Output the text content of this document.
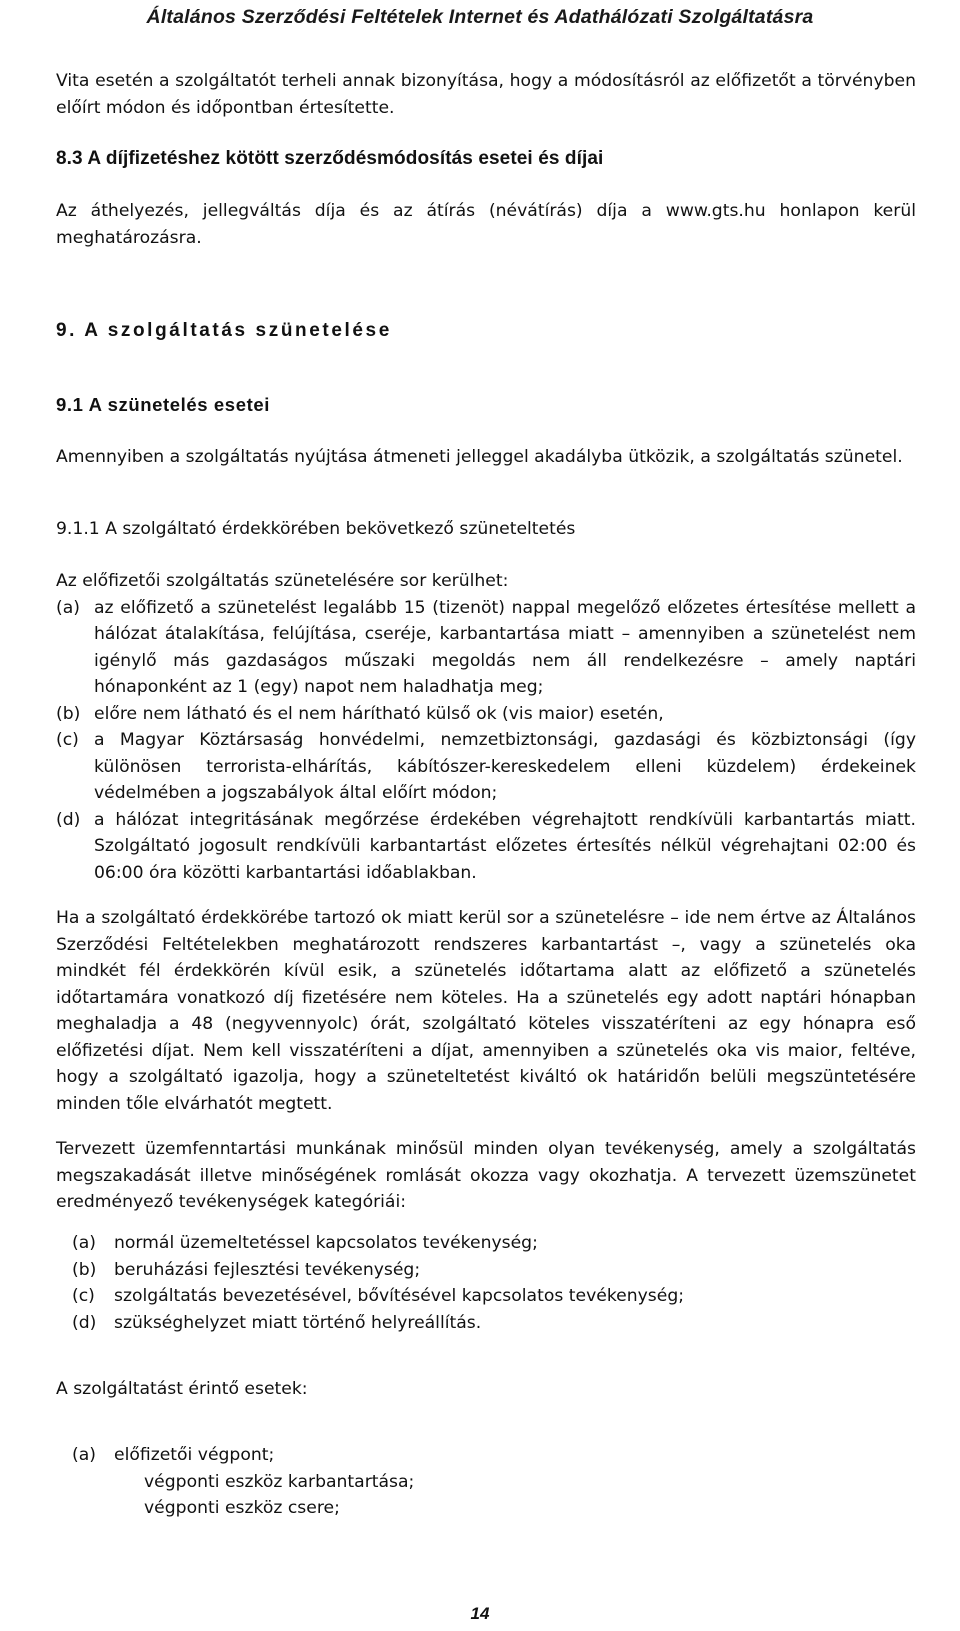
Általános Szerződési Feltételek Internet és Adathálózati Szolgáltatásra

Vita esetén a szolgáltatót terheli annak bizonyítása, hogy a módosításról az előfizetőt a törvényben előírt módon és időpontban értesítette.

8.3 A díjfizetéshez kötött szerződésmódosítás esetei és díjai

Az áthelyezés, jellegváltás díja és az átírás (névátírás) díja a www.gts.hu honlapon kerül meghatározásra.

9. A szolgáltatás szünetelése

9.1 A szünetelés esetei

Amennyiben a szolgáltatás nyújtása átmeneti jelleggel akadályba ütközik, a szolgáltatás szünetel.

9.1.1 A szolgáltató érdekkörében bekövetkező szüneteltetés

Az előfizetői szolgáltatás szünetelésére sor kerülhet:

(a) az előfizető a szünetelést legalább 15 (tizenöt) nappal megelőző előzetes értesítése mellett a hálózat átalakítása, felújítása, cseréje, karbantartása miatt – amennyiben a szünetelést nem igénylő más gazdaságos műszaki megoldás nem áll rendelkezésre – amely naptári hónaponként az 1 (egy) napot nem haladhatja meg;
(b) előre nem látható és el nem hárítható külső ok (vis maior) esetén,
(c) a Magyar Köztársaság honvédelmi, nemzetbiztonsági, gazdasági és közbiztonsági (így különösen terrorista-elhárítás, kábítószer-kereskedelem elleni küzdelem) érdekeinek védelmében a jogszabályok által előírt módon;
(d) a hálózat integritásának megőrzése érdekében végrehajtott rendkívüli karbantartás miatt. Szolgáltató jogosult rendkívüli karbantartást előzetes értesítés nélkül végrehajtani 02:00 és 06:00 óra közötti karbantartási időablakban.

Ha a szolgáltató érdekkörébe tartozó ok miatt kerül sor a szünetelésre – ide nem értve az Általános Szerződési Feltételekben meghatározott rendszeres karbantartást –, vagy a szünetelés oka mindkét fél érdekkörén kívül esik, a szünetelés időtartama alatt az előfizető a szünetelés időtartamára vonatkozó díj fizetésére nem köteles. Ha a szünetelés egy adott naptári hónapban meghaladja a 48 (negyvennyolc) órát, szolgáltató köteles visszatéríteni az egy hónapra eső előfizetési díjat. Nem kell visszatéríteni a díjat, amennyiben a szünetelés oka vis maior, feltéve, hogy a szolgáltató igazolja, hogy a szüneteltetést kiváltó ok határidőn belüli megszüntetésére minden tőle elvárhatót megtett.

Tervezett üzemfenntartási munkának minősül minden olyan tevékenység, amely a szolgáltatás megszakadását illetve minőségének romlását okozza vagy okozhatja. A tervezett üzemszünetet eredményező tevékenységek kategóriái:

(a) normál üzemeltetéssel kapcsolatos tevékenység;
(b) beruházási fejlesztési tevékenység;
(c) szolgáltatás bevezetésével, bővítésével kapcsolatos tevékenység;
(d) szükséghelyzet miatt történő helyreállítás.

A szolgáltatást érintő esetek:

(a) előfizetői végpont;
végponti eszköz karbantartása;
végponti eszköz csere;
14
